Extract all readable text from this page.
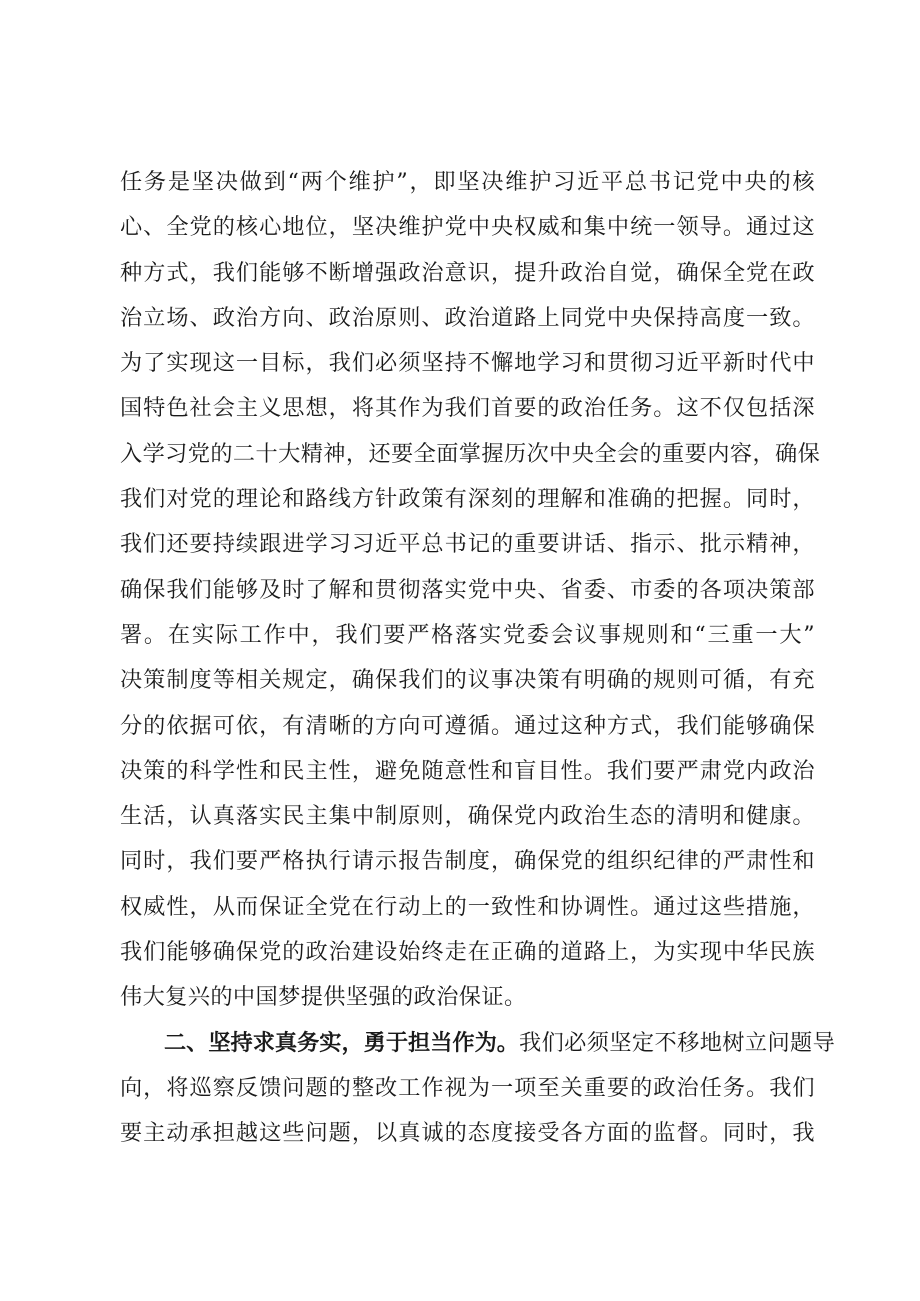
任务是坚决做到“两个维护”，即坚决维护习近平总书记党中央的核
心、全党的核心地位，坚决维护党中央权威和集中统一领导。通过这
种方式，我们能够不断增强政治意识，提升政治自觉，确保全党在政
治立场、政治方向、政治原则、政治道路上同党中央保持高度一致。
为了实现这一目标，我们必须坚持不懈地学习和贯彻习近平新时代中
国特色社会主义思想，将其作为我们首要的政治任务。这不仅包括深
入学习党的二十大精神，还要全面掌握历次中央全会的重要内容，确保
我们对党的理论和路线方针政策有深刻的理解和准确的把握。同时，
我们还要持续跟进学习习近平总书记的重要讲话、指示、批示精神，
确保我们能够及时了解和贯彻落实党中央、省委、市委的各项决策部
署。在实际工作中，我们要严格落实党委会议事规则和“三重一大”
决策制度等相关规定，确保我们的议事决策有明确的规则可循，有充
分的依据可依，有清晰的方向可遵循。通过这种方式，我们能够确保
决策的科学性和民主性，避免随意性和盲目性。我们要严肃党内政治
生活，认真落实民主集中制原则，确保党内政治生态的清明和健康。
同时，我们要严格执行请示报告制度，确保党的组织纪律的严肃性和
权威性，从而保证全党在行动上的一致性和协调性。通过这些措施，
我们能够确保党的政治建设始终走在正确的道路上，为实现中华民族
伟大复兴的中国梦提供坚强的政治保证。
二、坚持求真务实，勇于担当作为。我们必须坚定不移地树立问题导
向，将巡察反馈问题的整改工作视为一项至关重要的政治任务。我们
要主动承担越这些问题，以真诚的态度接受各方面的监督。同时，我
